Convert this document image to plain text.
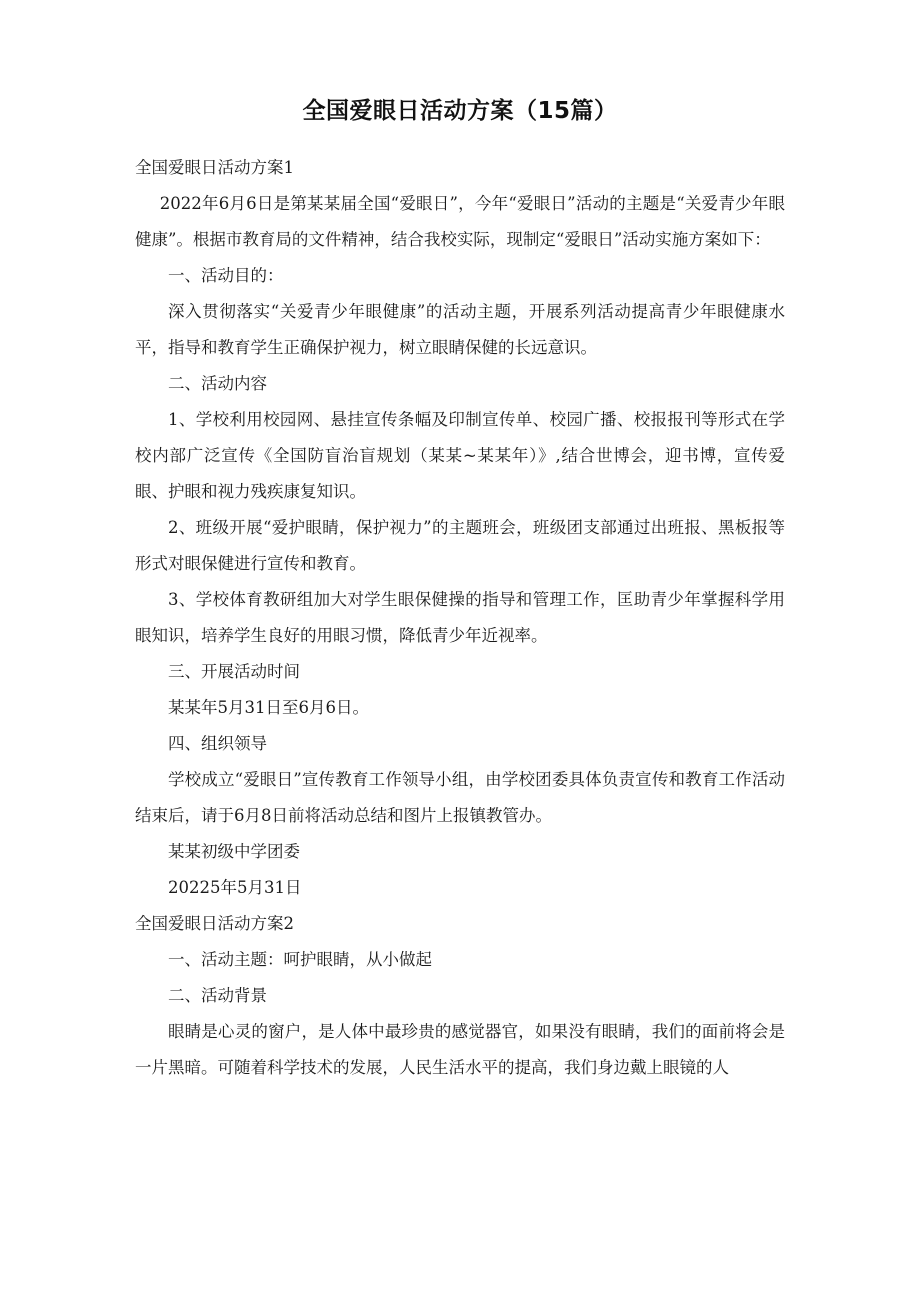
全国爱眼日活动方案（15篇）

全国爱眼日活动方案1

2022年6月6日是第某某届全国“爱眼日”，今年“爱眼日”活动的主题是“关爱青少年眼健康”。根据市教育局的文件精神，结合我校实际，现制定“爱眼日”活动实施方案如下：

一、活动目的：

深入贯彻落实“关爱青少年眼健康”的活动主题，开展系列活动提高青少年眼健康水平，指导和教育学生正确保护视力，树立眼睛保健的长远意识。

二、活动内容

1、学校利用校园网、悬挂宣传条幅及印制宣传单、校园广播、校报报刊等形式在学校内部广泛宣传《全国防盲治盲规划（某某~某某年）》,结合世博会，迎书博，宣传爱眼、护眼和视力残疾康复知识。

2、班级开展“爱护眼睛，保护视力”的主题班会，班级团支部通过出班报、黑板报等形式对眼保健进行宣传和教育。

3、学校体育教研组加大对学生眼保健操的指导和管理工作，匡助青少年掌握科学用眼知识，培养学生良好的用眼习惯，降低青少年近视率。

三、开展活动时间

某某年5月31日至6月6日。

四、组织领导

学校成立“爱眼日”宣传教育工作领导小组，由学校团委具体负责宣传和教育工作活动结束后，请于6月8日前将活动总结和图片上报镇教管办。

某某初级中学团委

20225年5月31日

全国爱眼日活动方案2

一、活动主题：呵护眼睛，从小做起

二、活动背景

眼睛是心灵的窗户，是人体中最珍贵的感觉器官，如果没有眼睛，我们的面前将会是一片黑暗。可随着科学技术的发展，人民生活水平的提高，我们身边戴上眼镜的人
